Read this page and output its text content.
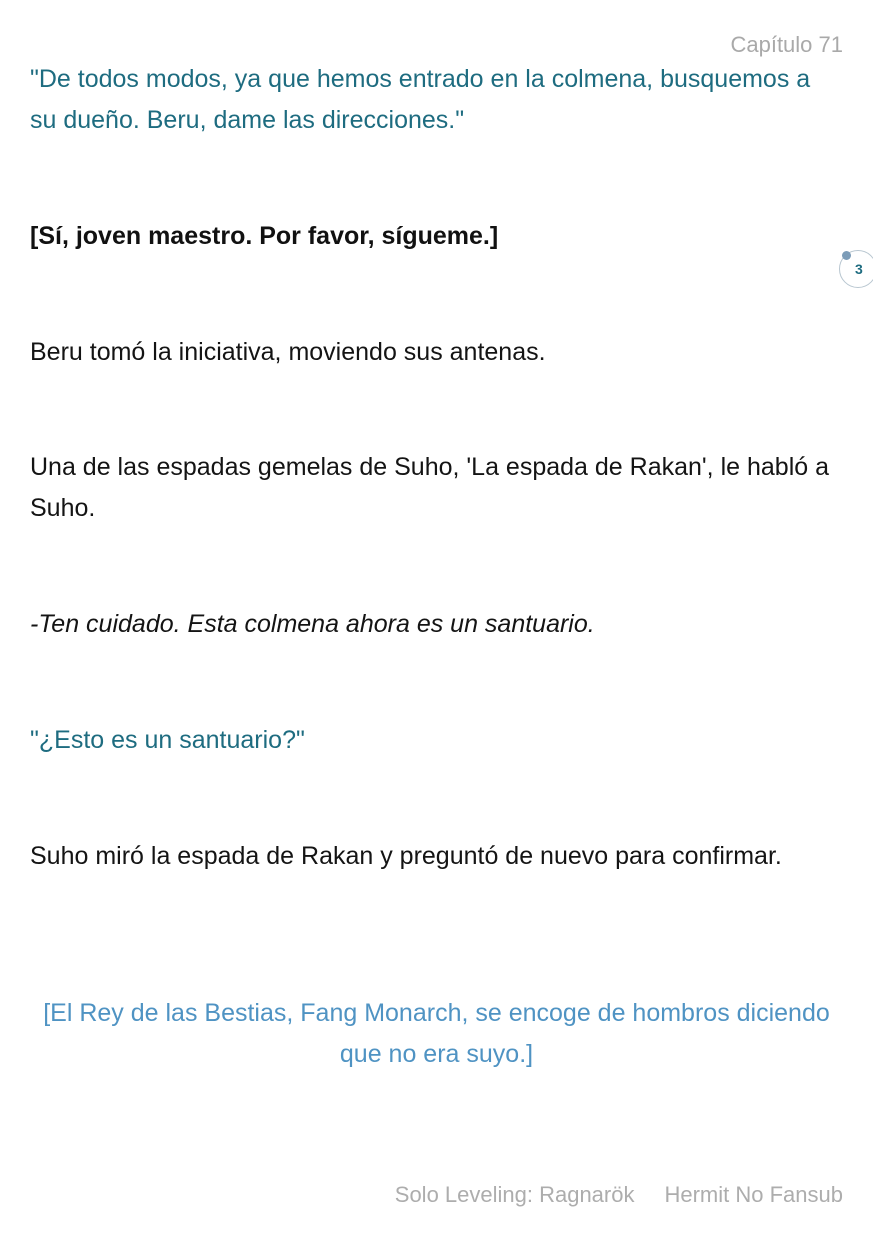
Capítulo 71
"De todos modos, ya que hemos entrado en la colmena, busquemos a su dueño. Beru, dame las direcciones."
[Sí, joven maestro. Por favor, sígueme.]
3
Beru tomó la iniciativa, moviendo sus antenas.
Una de las espadas gemelas de Suho, 'La espada de Rakan', le habló a Suho.
-Ten cuidado. Esta colmena ahora es un santuario.
"¿Esto es un santuario?"
Suho miró la espada de Rakan y preguntó de nuevo para confirmar.
[El Rey de las Bestias, Fang Monarch, se encoge de hombros diciendo que no era suyo.]
Solo Leveling: Ragnarök Hermit No Fansub
